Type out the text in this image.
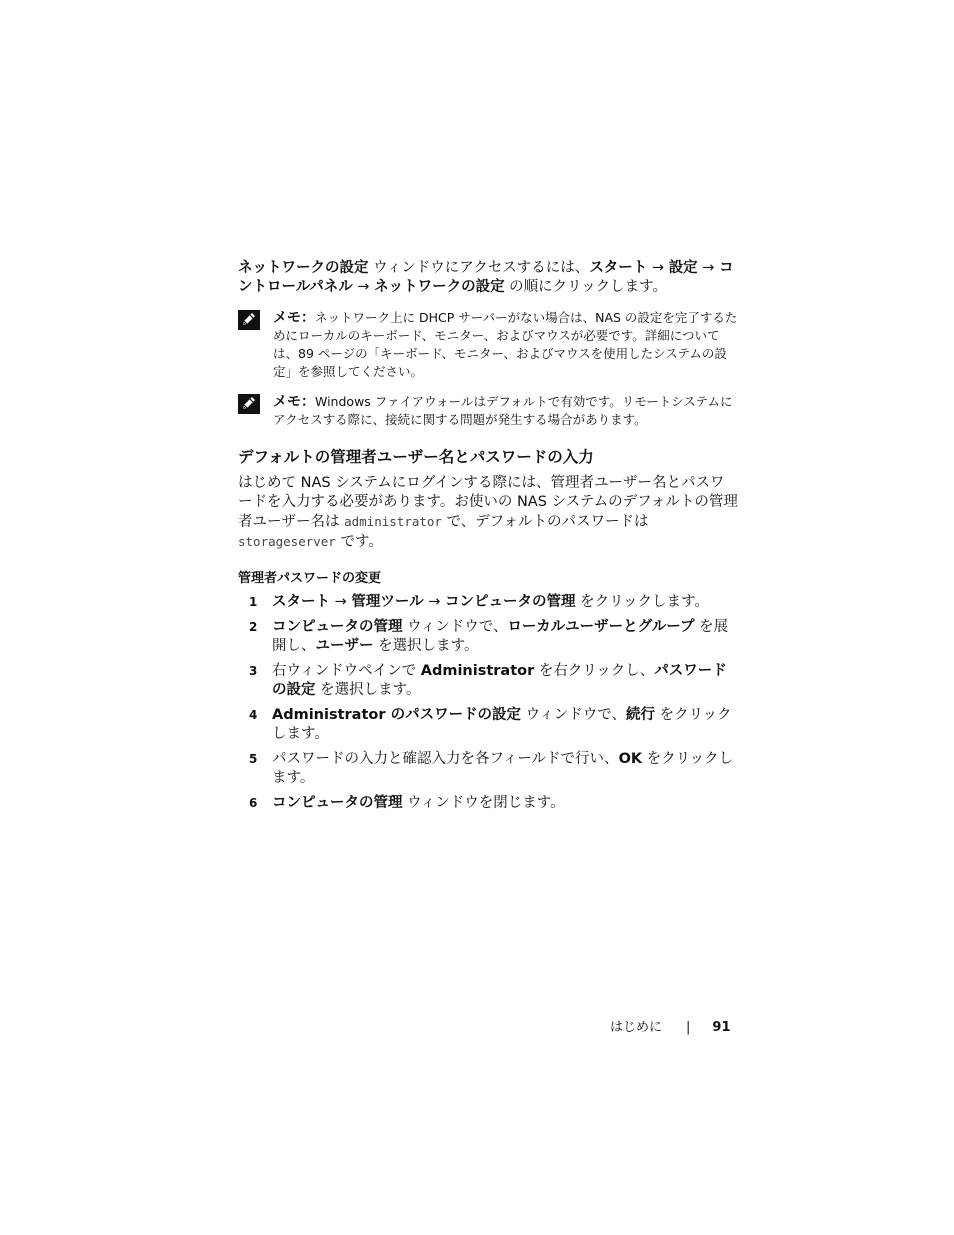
ネットワークの設定 ウィンドウにアクセスするには、スタート → 設定 → コントロールパネル → ネットワークの設定 の順にクリックします。

メモ：ネットワーク上に DHCP サーバーがない場合は、NAS の設定を完了するためにローカルのキーボード、モニター、およびマウスが必要です。詳細については、89 ページの「キーボード、モニター、およびマウスを使用したシステムの設定」を参照してください。
メモ：Windows ファイアウォールはデフォルトで有効です。リモートシステムにアクセスする際に、接続に関する問題が発生する場合があります。
デフォルトの管理者ユーザー名とパスワードの入力

はじめて NAS システムにログインする際には、管理者ユーザー名とパスワードを入力する必要があります。お使いの NAS システムのデフォルトの管理者ユーザー名は administrator で、デフォルトのパスワードは storageserver です。

管理者パスワードの変更
1	スタート → 管理ツール → コンピュータの管理 をクリックします。
2	コンピュータの管理 ウィンドウで、ローカルユーザーとグループ を展開し、ユーザー を選択します。
3	右ウィンドウペインで Administrator を右クリックし、パスワードの設定 を選択します。
4	Administrator のパスワードの設定 ウィンドウで、続行 をクリックします。
5	パスワードの入力と確認入力を各フィールドで行い、OK をクリックします。
6	コンピュータの管理 ウィンドウを閉じます。
はじめに | 91
